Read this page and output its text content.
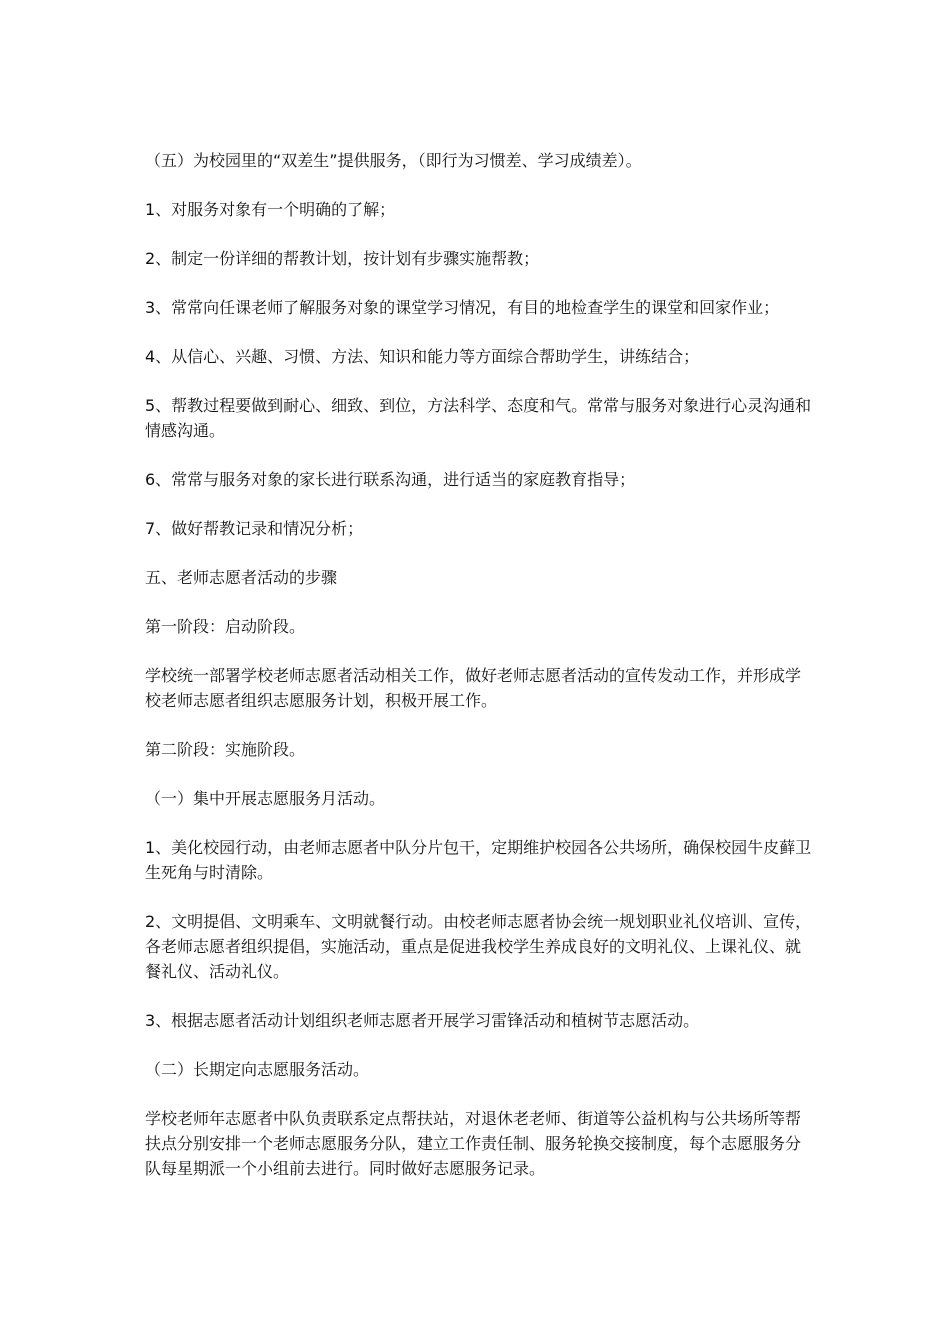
（五）为校园里的“双差生”提供服务，（即行为习惯差、学习成绩差）。

1、对服务对象有一个明确的了解；

2、制定一份详细的帮教计划，按计划有步骤实施帮教；

3、常常向任课老师了解服务对象的课堂学习情况，有目的地检查学生的课堂和回家作业；

4、从信心、兴趣、习惯、方法、知识和能力等方面综合帮助学生，讲练结合；

5、帮教过程要做到耐心、细致、到位，方法科学、态度和气。常常与服务对象进行心灵沟通和情感沟通。

6、常常与服务对象的家长进行联系沟通，进行适当的家庭教育指导；

7、做好帮教记录和情况分析；

五、老师志愿者活动的步骤

第一阶段：启动阶段。

学校统一部署学校老师志愿者活动相关工作，做好老师志愿者活动的宣传发动工作，并形成学校老师志愿者组织志愿服务计划，积极开展工作。

第二阶段：实施阶段。

（一）集中开展志愿服务月活动。

1、美化校园行动，由老师志愿者中队分片包干，定期维护校园各公共场所，确保校园牛皮藓卫生死角与时清除。

2、文明提倡、文明乘车、文明就餐行动。由校老师志愿者协会统一规划职业礼仪培训、宣传，各老师志愿者组织提倡，实施活动，重点是促进我校学生养成良好的文明礼仪、上课礼仪、就餐礼仪、活动礼仪。

3、根据志愿者活动计划组织老师志愿者开展学习雷锋活动和植树节志愿活动。

（二）长期定向志愿服务活动。

学校老师年志愿者中队负责联系定点帮扶站，对退休老老师、街道等公益机构与公共场所等帮扶点分别安排一个老师志愿服务分队，建立工作责任制、服务轮换交接制度，每个志愿服务分队每星期派一个小组前去进行。同时做好志愿服务记录。
